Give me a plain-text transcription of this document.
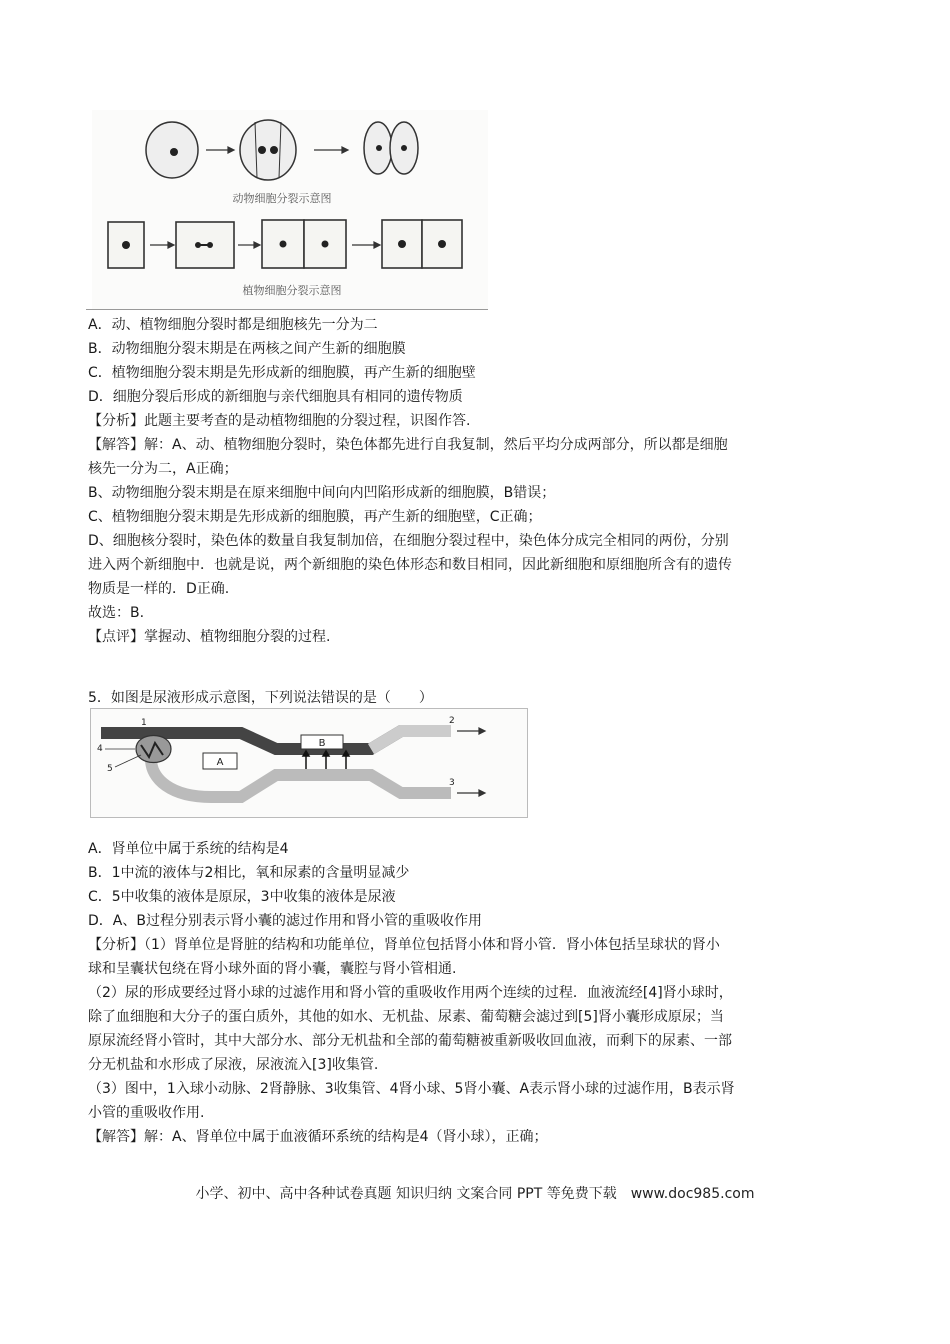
动物细胞分裂示意图
植物细胞分裂示意图
A．动、植物细胞分裂时都是细胞核先一分为二
B．动物细胞分裂末期是在两核之间产生新的细胞膜
C．植物细胞分裂末期是先形成新的细胞膜，再产生新的细胞壁
D．细胞分裂后形成的新细胞与亲代细胞具有相同的遗传物质
【分析】此题主要考查的是动植物细胞的分裂过程，识图作答.
【解答】解：A、动、植物细胞分裂时，染色体都先进行自我复制，然后平均分成两部分，所以都是细胞
核先一分为二，A正确；
B、动物细胞分裂末期是在原来细胞中间向内凹陷形成新的细胞膜，B错误；
C、植物细胞分裂末期是先形成新的细胞膜，再产生新的细胞壁，C正确；
D、细胞核分裂时，染色体的数量自我复制加倍，在细胞分裂过程中，染色体分成完全相同的两份，分别
进入两个新细胞中．也就是说，两个新细胞的染色体形态和数目相同，因此新细胞和原细胞所含有的遗传
物质是一样的．D正确.
故选：B.
【点评】掌握动、植物细胞分裂的过程.
5．如图是尿液形成示意图，下列说法错误的是（　　）
A
B
1	2
3
4
5
A．肾单位中属于系统的结构是4
B．1中流的液体与2相比，氧和尿素的含量明显减少
C．5中收集的液体是原尿，3中收集的液体是尿液
D．A、B过程分别表示肾小囊的滤过作用和肾小管的重吸收作用
【分析】（1）肾单位是肾脏的结构和功能单位，肾单位包括肾小体和肾小管．肾小体包括呈球状的肾小
球和呈囊状包绕在肾小球外面的肾小囊，囊腔与肾小管相通.
（2）尿的形成要经过肾小球的过滤作用和肾小管的重吸收作用两个连续的过程．血液流经[4]肾小球时，
除了血细胞和大分子的蛋白质外，其他的如水、无机盐、尿素、葡萄糖会滤过到[5]肾小囊形成原尿；当
原尿流经肾小管时，其中大部分水、部分无机盐和全部的葡萄糖被重新吸收回血液，而剩下的尿素、一部
分无机盐和水形成了尿液，尿液流入[3]收集管.
（3）图中，1入球小动脉、2肾静脉、3收集管、4肾小球、5肾小囊、A表示肾小球的过滤作用，B表示肾
小管的重吸收作用.
【解答】解：A、肾单位中属于血液循环系统的结构是4（肾小球），正确；
小学、初中、高中各种试卷真题 知识归纳 文案合同 PPT 等免费下载　www.doc985.com
